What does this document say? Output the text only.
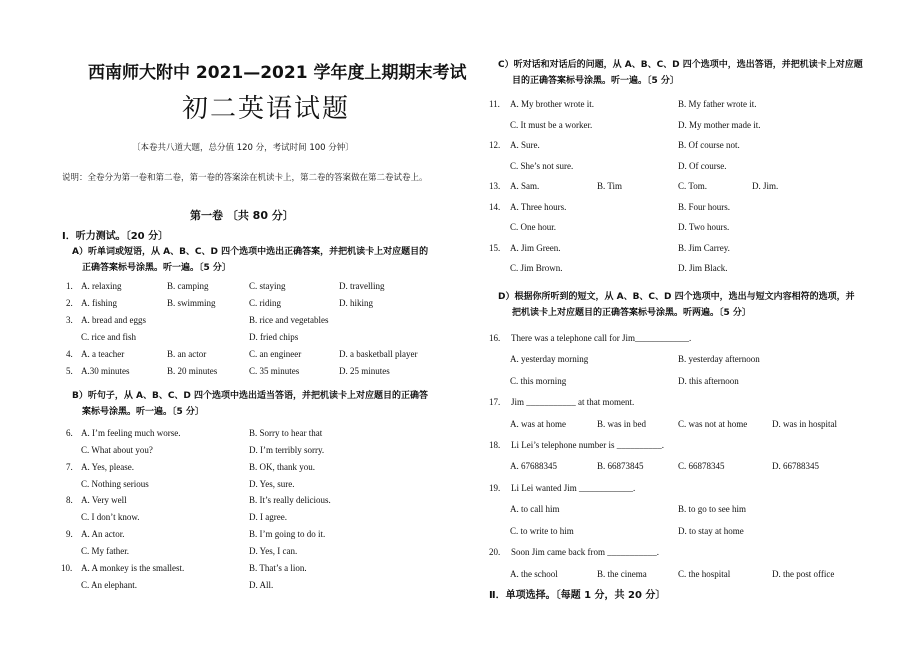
西南师大附中 2021—2021 学年度上期期末考试
初二英语试题
〔本卷共八道大题，总分值 120 分，考试时间 100 分钟〕
说明：全卷分为第一卷和第二卷，第一卷的答案涂在机读卡上，第二卷的答案做在第二卷试卷上。
第一卷 〔共 80 分〕
Ⅰ．听力测试。〔20 分〕
A）听单词或短语，从 A、B、C、D 四个选项中选出正确答案，并把机读卡上对应题目的
正确答案标号涂黑。听一遍。〔5 分〕
1. A. relaxing	B. camping	C. staying	D. travelling
2. A. fishing	B. swimming	C. riding	D. hiking
3. A. bread and eggs	B. rice and vegetables
C. rice and fish	D. fried chips
4. A. a teacher	B. an actor	C. an engineer	D. a basketball player
5. A.30 minutes	B. 20 minutes	C. 35 minutes	D. 25 minutes
B）听句子，从 A、B、C、D 四个选项中选出适当答语，并把机读卡上对应题目的正确答
案标号涂黑。听一遍。〔5 分〕
6. A. I’m feeling much worse.	B. Sorry to hear that
C. What about you?	D. I’m terribly sorry.
7. A. Yes, please.	B. OK, thank you.
C. Nothing serious	D. Yes, sure.
8. A. Very well	B. It’s really delicious.
C. I don’t know.	D. I agree.
9. A. An actor.	B. I’m going to do it.
C. My father.	D. Yes, I can.
10. A. A monkey is the smallest.	B. That’s a lion.
C. An elephant.	D. All.
C）听对话和对话后的问题，从 A、B、C、D 四个选项中，选出答语，并把机读卡上对应题
目的正确答案标号涂黑。听一遍。〔5 分〕
11. A. My brother wrote it.	B. My father wrote it.
C. It must be a worker.	D. My mother made it.
12. A. Sure.	B. Of course not.
C. She’s not sure.	D. Of course.
13. A. Sam.	B. Tim	C. Tom.	D. Jim.
14. A. Three hours.	B. Four hours.
C. One hour.	D. Two hours.
15. A. Jim Green.	B. Jim Carrey.
C. Jim Brown.	D. Jim Black.
D）根据你所听到的短文，从 A、B、C、D 四个选项中，选出与短文内容相符的选项，并
把机读卡上对应题目的正确答案标号涂黑。听两遍。〔5 分〕
16. There was a telephone call for Jim____________.
A. yesterday morning	B. yesterday afternoon
C. this morning	D. this afternoon
17. Jim ___________ at that moment.
A. was at home	B. was in bed	C. was not at home	D. was in hospital
18. Li Lei’s telephone number is __________.
A. 67688345	B. 66873845	C. 66878345	D. 66788345
19. Li Lei wanted Jim ____________.
A. to call him	B. to go to see him
C. to write to him	D. to stay at home
20. Soon Jim came back from ___________.
A. the school	B. the cinema	C. the hospital	D. the post office
Ⅱ．单项选择。〔每题 1 分，共 20 分〕
